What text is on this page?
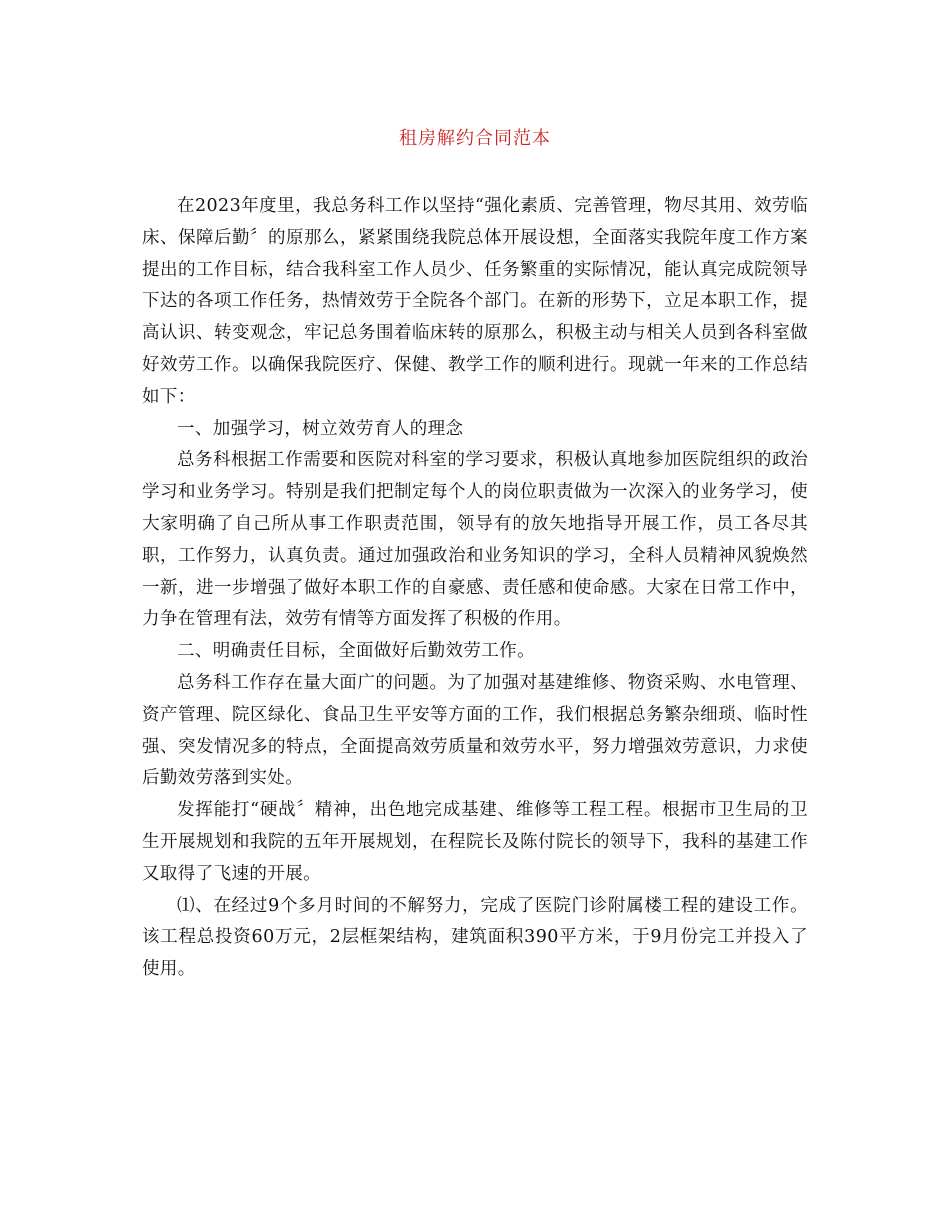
租房解约合同范本

在2023年度里，我总务科工作以坚持“强化素质、完善管理，物尽其用、效劳临床、保障后勤〞的原那么，紧紧围绕我院总体开展设想，全面落实我院年度工作方案提出的工作目标，结合我科室工作人员少、任务繁重的实际情况，能认真完成院领导下达的各项工作任务，热情效劳于全院各个部门。在新的形势下，立足本职工作，提高认识、转变观念，牢记总务围着临床转的原那么，积极主动与相关人员到各科室做好效劳工作。以确保我院医疗、保健、教学工作的顺利进行。现就一年来的工作总结如下：

一、加强学习，树立效劳育人的理念

总务科根据工作需要和医院对科室的学习要求，积极认真地参加医院组织的政治学习和业务学习。特别是我们把制定每个人的岗位职责做为一次深入的业务学习，使大家明确了自己所从事工作职责范围，领导有的放矢地指导开展工作，员工各尽其职，工作努力，认真负责。通过加强政治和业务知识的学习，全科人员精神风貌焕然一新，进一步增强了做好本职工作的自豪感、责任感和使命感。大家在日常工作中，力争在管理有法，效劳有情等方面发挥了积极的作用。

二、明确责任目标，全面做好后勤效劳工作。

总务科工作存在量大面广的问题。为了加强对基建维修、物资采购、水电管理、资产管理、院区绿化、食品卫生平安等方面的工作，我们根据总务繁杂细琐、临时性强、突发情况多的特点，全面提高效劳质量和效劳水平，努力增强效劳意识，力求使后勤效劳落到实处。

发挥能打“硬战〞精神，出色地完成基建、维修等工程工程。根据市卫生局的卫生开展规划和我院的五年开展规划，在程院长及陈付院长的领导下，我科的基建工作又取得了飞速的开展。

⑴、在经过9个多月时间的不解努力，完成了医院门诊附属楼工程的建设工作。该工程总投资60万元，2层框架结构，建筑面积390平方米，于9月份完工并投入了使用。
